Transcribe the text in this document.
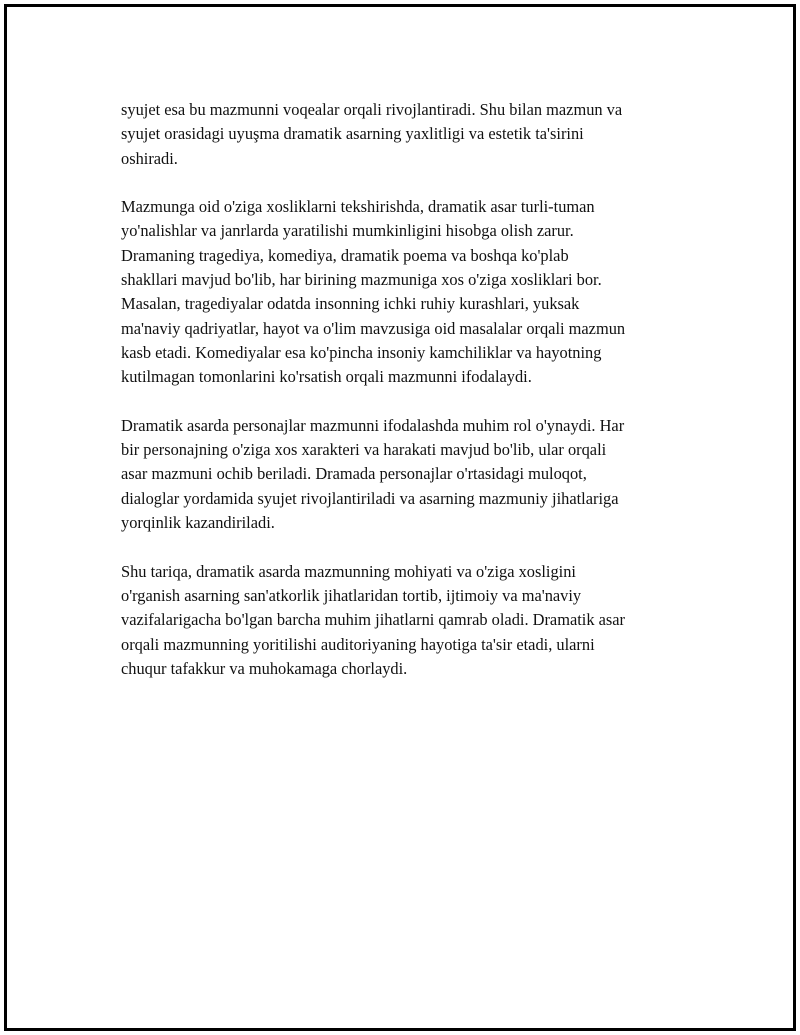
syujet esa bu mazmunni voqealar orqali rivojlantiradi. Shu bilan mazmun va
syujet orasidagi uyuşma dramatik asarning yaxlitligi va estetik ta'sirini
oshiradi.

Mazmunga oid o'ziga xosliklarni tekshirishda, dramatik asar turli-tuman
yo'nalishlar va janrlarda yaratilishi mumkinligini hisobga olish zarur.
Dramaning tragediya, komediya, dramatik poema va boshqa ko'plab
shakllari mavjud bo'lib, har birining mazmuniga xos o'ziga xosliklari bor.
Masalan, tragediyalar odatda insonning ichki ruhiy kurashlari, yuksak
ma'naviy qadriyatlar, hayot va o'lim mavzusiga oid masalalar orqali mazmun
kasb etadi. Komediyalar esa ko'pincha insoniy kamchiliklar va hayotning
kutilmagan tomonlarini ko'rsatish orqali mazmunni ifodalaydi.

Dramatik asarda personajlar mazmunni ifodalashda muhim rol o'ynaydi. Har
bir personajning o'ziga xos xarakteri va harakati mavjud bo'lib, ular orqali
asar mazmuni ochib beriladi. Dramada personajlar o'rtasidagi muloqot,
dialoglar yordamida syujet rivojlantiriladi va asarning mazmuniy jihatlariga
yorqinlik kazandiriladi.

Shu tariqa, dramatik asarda mazmunning mohiyati va o'ziga xosligini
o'rganish asarning san'atkorlik jihatlaridan tortib, ijtimoiy va ma'naviy
vazifalarigacha bo'lgan barcha muhim jihatlarni qamrab oladi. Dramatik asar
orqali mazmunning yoritilishi auditoriyaning hayotiga ta'sir etadi, ularni
chuqur tafakkur va muhokamaga chorlaydi.
